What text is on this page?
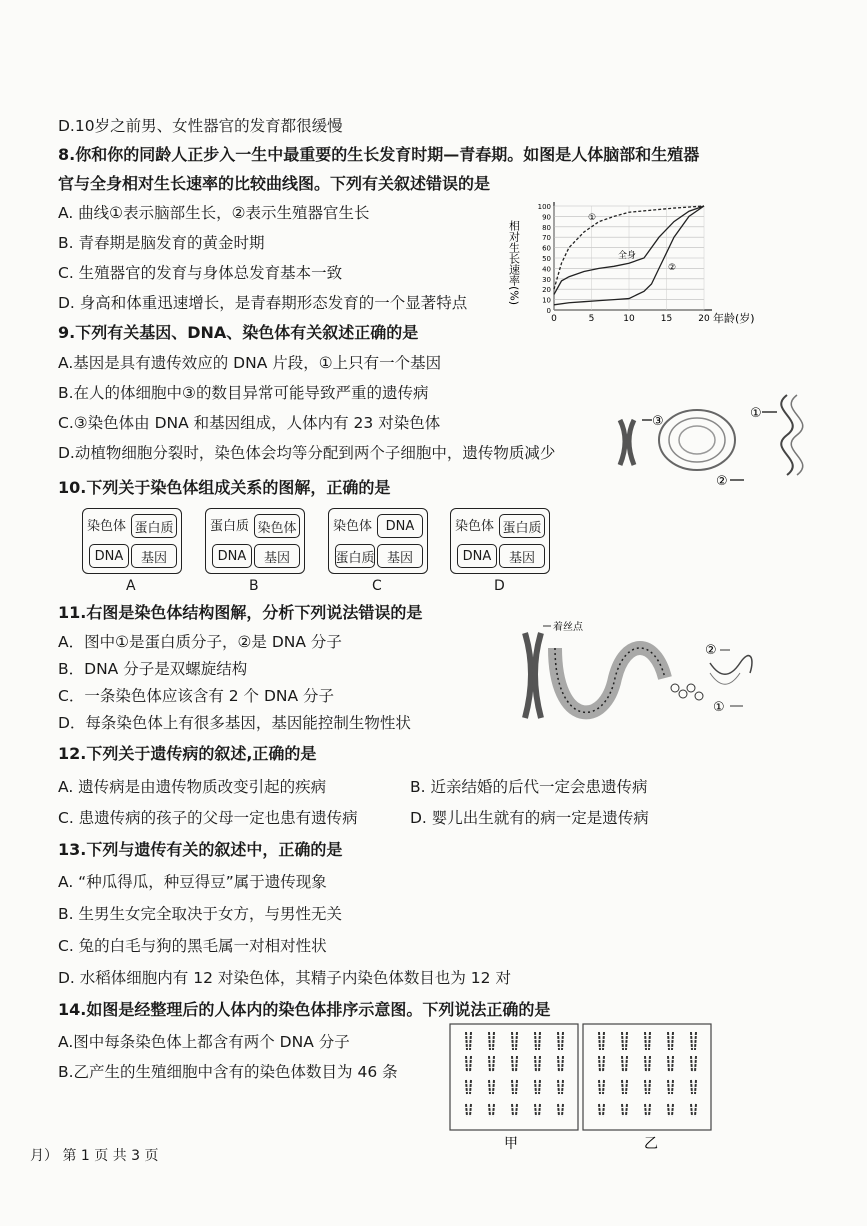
D.10岁之前男、女性器官的发育都很缓慢
8.你和你的同龄人正步入一生中最重要的生长发育时期—青春期。如图是人体脑部和生殖器
官与全身相对生长速率的比较曲线图。下列有关叙述错误的是
A. 曲线①表示脑部生长，②表示生殖器官生长
B. 青春期是脑发育的黄金时期
C. 生殖器官的发育与身体总发育基本一致
D. 身高和体重迅速增长，是青春期形态发育的一个显著特点
9.下列有关基因、DNA、染色体有关叙述正确的是
A.基因是具有遗传效应的 DNA 片段，①上只有一个基因
B.在人的体细胞中③的数目异常可能导致严重的遗传病
C.③染色体由 DNA 和基因组成，人体内有 23 对染色体
D.动植物细胞分裂时，染色体会均等分配到两个子细胞中，遗传物质减少
10.下列关于染色体组成关系的图解，正确的是
染色体 蛋白质
DNA	基因
A
蛋白质 染色体
DNA	基因
B
染色体	DNA
蛋白质 基因
C
染色体 蛋白质
DNA	基因
D
11.右图是染色体结构图解，分析下列说法错误的是
A．图中①是蛋白质分子，②是 DNA 分子
B．DNA 分子是双螺旋结构
C．一条染色体应该含有 2 个 DNA 分子
D．每条染色体上有很多基因，基因能控制生物性状
12.下列关于遗传病的叙述,正确的是
A. 遗传病是由遗传物质改变引起的疾病	B. 近亲结婚的后代一定会患遗传病
C. 患遗传病的孩子的父母一定也患有遗传病	D. 婴儿出生就有的病一定是遗传病
13.下列与遗传有关的叙述中，正确的是
A. “种瓜得瓜，种豆得豆”属于遗传现象
B. 生男生女完全取决于女方，与男性无关
C. 兔的白毛与狗的黑毛属一对相对性状
D. 水稻体细胞内有 12 对染色体，其精子内染色体数目也为 12 对
14.如图是经整理后的人体内的染色体排序示意图。下列说法正确的是
A.图中每条染色体上都含有两个 DNA 分子
B.乙产生的生殖细胞中含有的染色体数目为 46 条
月） 第 1 页 共 3 页
相对生长速率(%)
0
10
20
30
40
50
60
70
80
90
100
0	5	10	15	20
①
全身
②
年龄(岁)
③
①
②
着丝点
②
①
甲	乙
